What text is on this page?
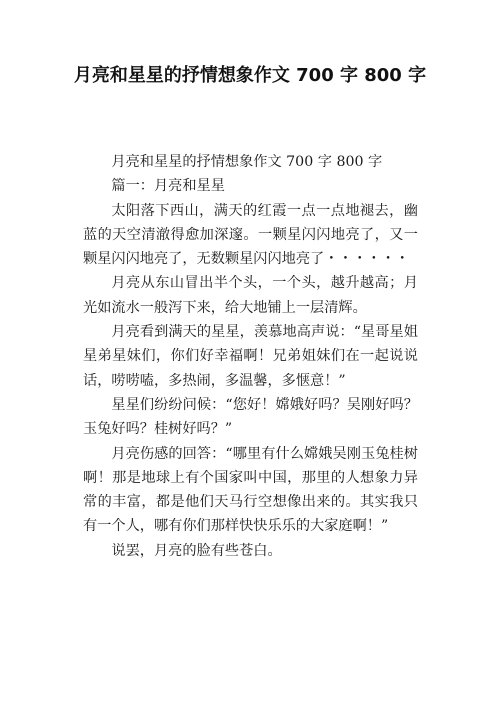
月亮和星星的抒情想象作文 700 字 800 字

月亮和星星的抒情想象作文 700 字 800 字

篇一：月亮和星星

太阳落下西山，满天的红霞一点一点地褪去，幽蓝的天空清澈得愈加深邃。一颗星闪闪地亮了，又一颗星闪闪地亮了，无数颗星闪闪地亮了・・・・・・

月亮从东山冒出半个头，一个头，越升越高；月光如流水一般泻下来，给大地铺上一层清辉。

月亮看到满天的星星，羡慕地高声说：“星哥星姐星弟星妹们，你们好幸福啊！兄弟姐妹们在一起说说话，唠唠嗑，多热闹，多温馨，多惬意！”

星星们纷纷问候：“您好！嫦娥好吗？吴刚好吗？玉兔好吗？桂树好吗？”

月亮伤感的回答：“哪里有什么嫦娥吴刚玉兔桂树啊！那是地球上有个国家叫中国，那里的人想象力异常的丰富，都是他们天马行空想像出来的。其实我只有一个人，哪有你们那样快快乐乐的大家庭啊！”

说罢，月亮的脸有些苍白。
